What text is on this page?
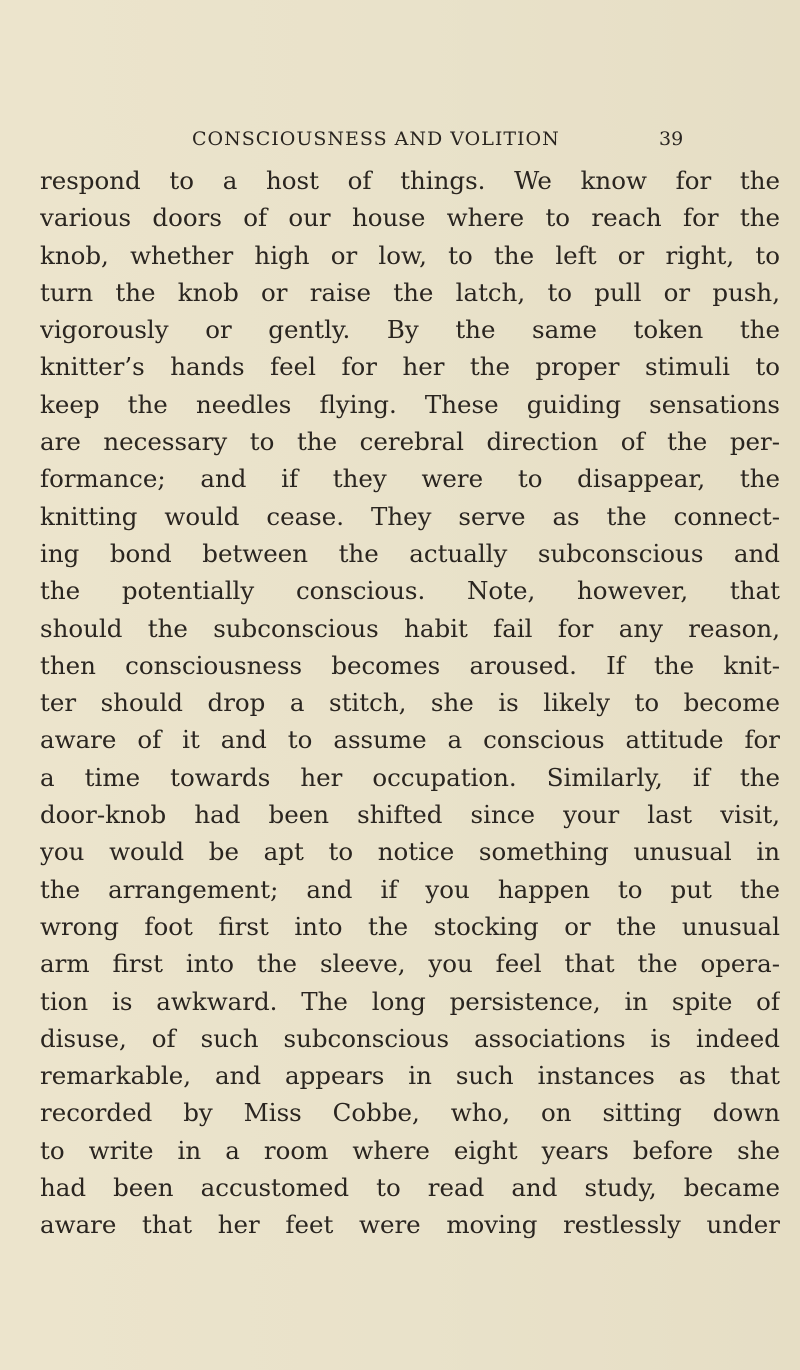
CONSCIOUSNESS AND VOLITION	39
respond to a host of things. We know for the
various doors of our house where to reach for the
knob, whether high or low, to the left or right, to
turn the knob or raise the latch, to pull or push,
vigorously or gently. By the same token the
knitter’s hands feel for her the proper stimuli to
keep the needles flying. These guiding sensations
are necessary to the cerebral direction of the per-
formance; and if they were to disappear, the
knitting would cease. They serve as the connect-
ing bond between the actually subconscious and
the potentially conscious. Note, however, that
should the subconscious habit fail for any reason,
then consciousness becomes aroused. If the knit-
ter should drop a stitch, she is likely to become
aware of it and to assume a conscious attitude for
a time towards her occupation. Similarly, if the
door-knob had been shifted since your last visit,
you would be apt to notice something unusual in
the arrangement; and if you happen to put the
wrong foot first into the stocking or the unusual
arm first into the sleeve, you feel that the opera-
tion is awkward. The long persistence, in spite of
disuse, of such subconscious associations is indeed
remarkable, and appears in such instances as that
recorded by Miss Cobbe, who, on sitting down
to write in a room where eight years before she
had been accustomed to read and study, became
aware that her feet were moving restlessly under
